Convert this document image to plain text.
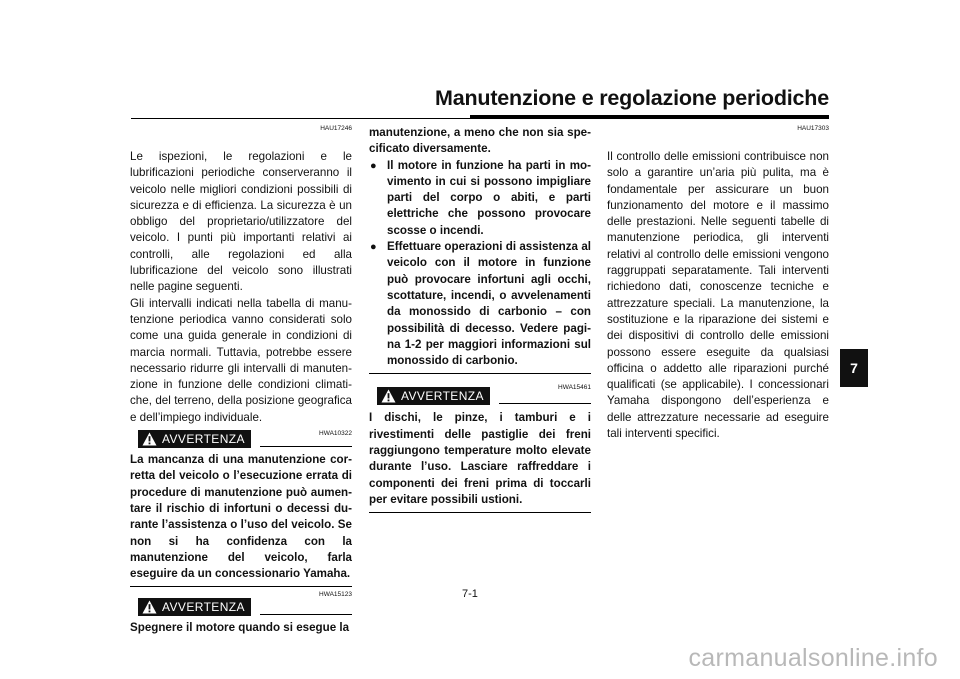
Manutenzione e regolazione periodiche
HAU17246
Le ispezioni, le regolazioni e le lubrificazioni periodiche conserveranno il veicolo nelle migliori condizioni possibili di sicurezza e di efficienza. La sicurezza è un obbligo del proprietario/utilizzatore del veicolo. I punti più importanti relativi ai controlli, alle regolazioni ed alla lubrificazione del veicolo sono illustrati nelle pagine seguenti.
Gli intervalli indicati nella tabella di manutenzione periodica vanno considerati solo come una guida generale in condizioni di marcia normali. Tuttavia, potrebbe essere necessario ridurre gli intervalli di manutenzione in funzione delle condizioni climatiche, del terreno, della posizione geografica e dell’impiego individuale.
HWA10322
AVVERTENZA
La mancanza di una manutenzione corretta del veicolo o l’esecuzione errata di procedure di manutenzione può aumentare il rischio di infortuni o decessi durante l’assistenza o l’uso del veicolo. Se non si ha confidenza con la manutenzione del veicolo, farla eseguire da un concessionario Yamaha.
HWA15123
AVVERTENZA
Spegnere il motore quando si esegue la
manutenzione, a meno che non sia specificato diversamente.
● Il motore in funzione ha parti in movimento in cui si possono impigliare parti del corpo o abiti, e parti elettriche che possono provocare scosse o incendi.
● Effettuare operazioni di assistenza al veicolo con il motore in funzione può provocare infortuni agli occhi, scottature, incendi, o avvelenamenti da monossido di carbonio – con possibilità di decesso. Vedere pagina 1-2 per maggiori informazioni sul monossido di carbonio.
HWA15461
AVVERTENZA
I dischi, le pinze, i tamburi e i rivestimenti delle pastiglie dei freni raggiungono temperature molto elevate durante l’uso. Lasciare raffreddare i componenti dei freni prima di toccarli per evitare possibili ustioni.
HAU17303
Il controllo delle emissioni contribuisce non solo a garantire un’aria più pulita, ma è fondamentale per assicurare un buon funzionamento del motore e il massimo delle prestazioni. Nelle seguenti tabelle di manutenzione periodica, gli interventi relativi al controllo delle emissioni vengono raggruppati separatamente. Tali interventi richiedono dati, conoscenze tecniche e attrezzature speciali. La manutenzione, la sostituzione e la riparazione dei sistemi e dei dispositivi di controllo delle emissioni possono essere eseguite da qualsiasi officina o addetto alle riparazioni purché qualificati (se applicabile). I concessionari Yamaha dispongono dell’esperienza e delle attrezzature necessarie ad eseguire tali interventi specifici.
7
7-1
carmanualsonline.info
